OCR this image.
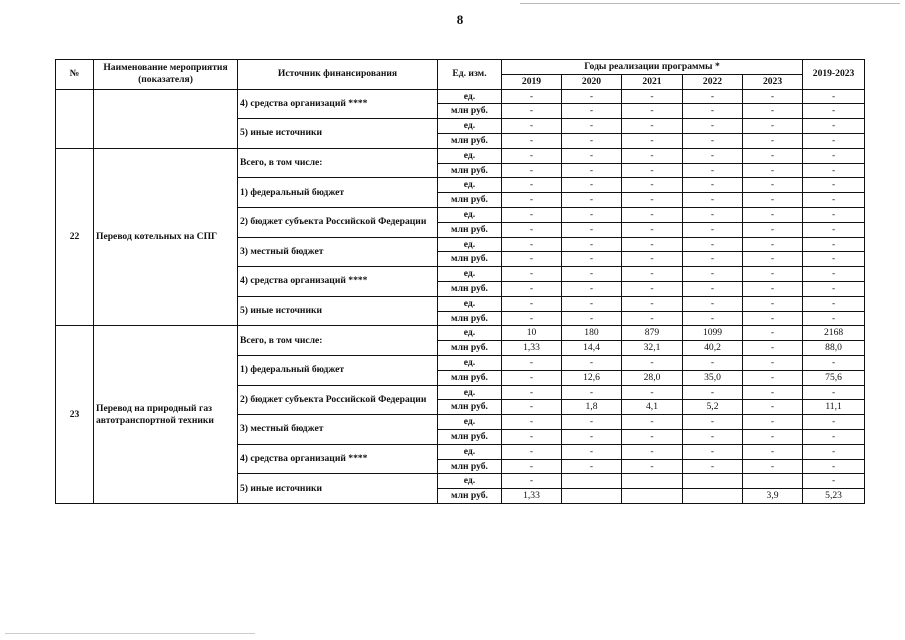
8
№	Наименование мероприятия (показателя)	Источник финансирования	Ед. изм.	Годы реализации программы *					2019-2023
				2019	2020	2021	2022	2023	
		4) средства организаций ****	ед.	-	-	-	-	-	-
			млн руб.	-	-	-	-	-	-
		5) иные источники	ед.	-	-	-	-	-	-
			млн руб.	-	-	-	-	-	-
22	Перевод котельных на СПГ	Всего, в том числе:	ед.	-	-	-	-	-	-
			млн руб.	-	-	-	-	-	-
		1) федеральный бюджет	ед.	-	-	-	-	-	-
			млн руб.	-	-	-	-	-	-
		2) бюджет субъекта Российской Федерации	ед.	-	-	-	-	-	-
			млн руб.	-	-	-	-	-	-
		3) местный бюджет	ед.	-	-	-	-	-	-
			млн руб.	-	-	-	-	-	-
		4) средства организаций ****	ед.	-	-	-	-	-	-
			млн руб.	-	-	-	-	-	-
		5) иные источники	ед.	-	-	-	-	-	-
			млн руб.	-	-	-	-	-	-
23	Перевод на природный газ автотранспортной техники	Всего, в том числе:	ед.	10	180	879	1099	-	2168
			млн руб.	1,33	14,4	32,1	40,2	-	88,0
		1) федеральный бюджет	ед.	-	-	-	-	-	-
			млн руб.	-	12,6	28,0	35,0	-	75,6
		2) бюджет субъекта Российской Федерации	ед.	-	-	-	-	-	-
			млн руб.	-	1,8	4,1	5,2	-	11,1
		3) местный бюджет	ед.	-	-	-	-	-	-
			млн руб.	-	-	-	-	-	-
		4) средства организаций ****	ед.	-	-	-	-	-	-
			млн руб.	-	-	-	-	-	-
		5) иные источники	ед.	-					-
			млн руб.	1,33				3,9	5,23
